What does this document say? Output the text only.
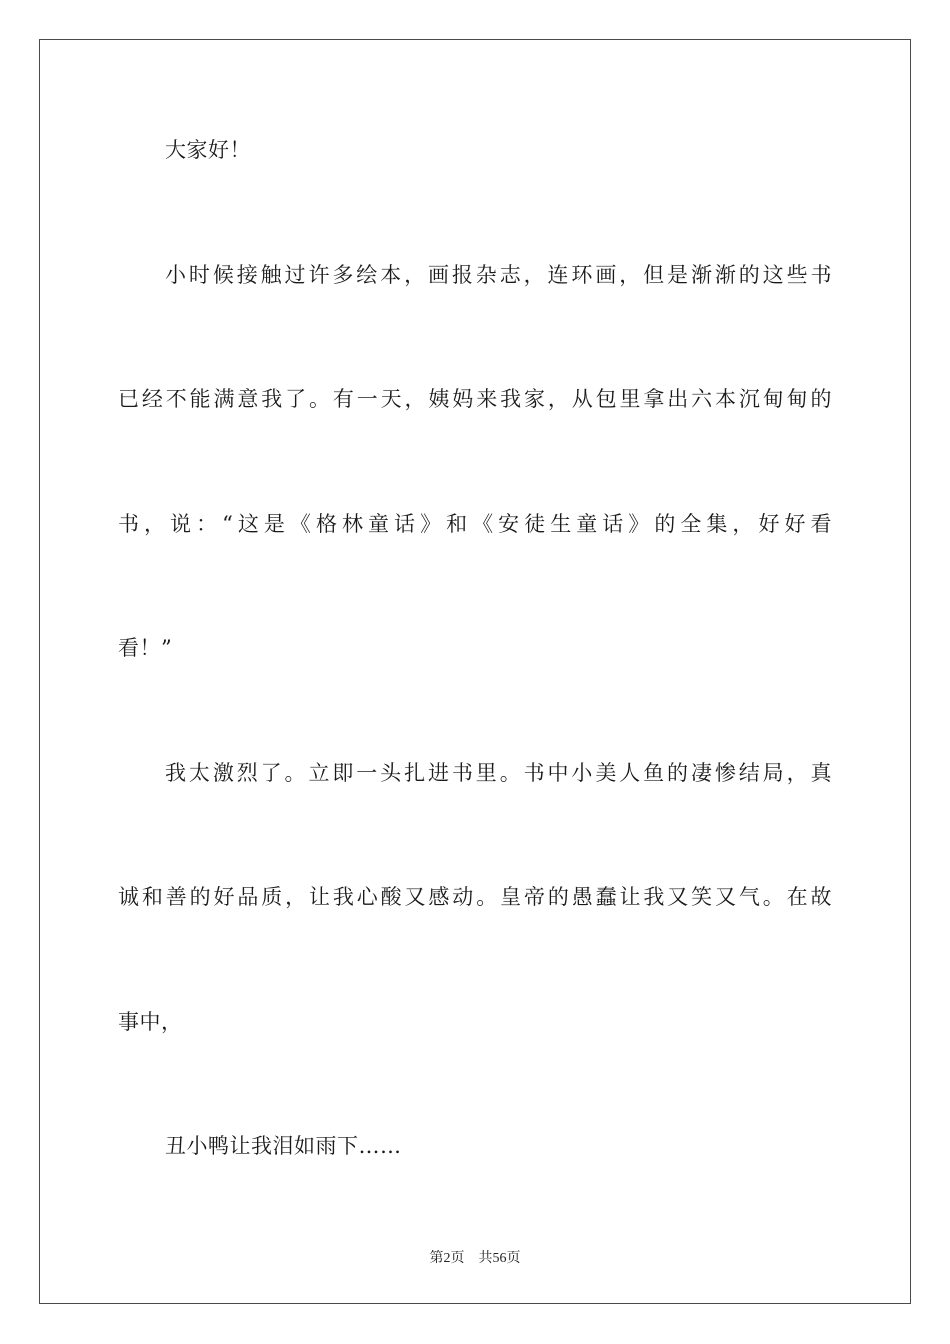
大家好！
小时候接触过许多绘本，画报杂志，连环画，但是渐渐的这些书
已经不能满意我了。有一天，姨妈来我家，从包里拿出六本沉甸甸的
书，说：“这是《格林童话》和《安徒生童话》的全集，好好看
看！”
我太激烈了。立即一头扎进书里。书中小美人鱼的凄惨结局，真
诚和善的好品质，让我心酸又感动。皇帝的愚蠢让我又笑又气。在故
事中，
丑小鸭让我泪如雨下……
第2页 共56页
